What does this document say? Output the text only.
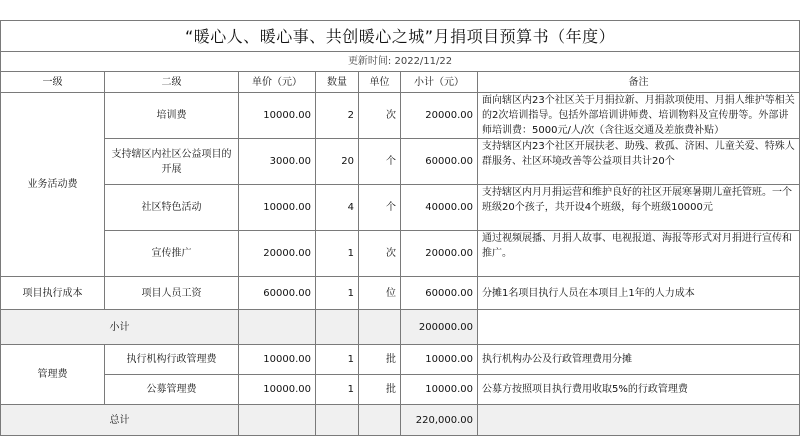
“暖心人、暖心事、共创暖心之城”月捐项目预算书（年度）						
更新时间: 2022/11/22						
一级	二级	单价（元）	数量	单位	小计（元）	备注
业务活动费	培训费	10000.00	2	次	20000.00	面向辖区内23个社区关于月捐拉新、月捐款项使用、月捐人维护等相关的2次培训指导。包括外部培训讲师费、培训物料及宣传册等。外部讲师培训费：5000元/人/次（含往返交通及差旅费补贴）
	支持辖区内社区公益项目的开展	3000.00	20	个	60000.00	支持辖区内23个社区开展扶老、助残、救孤、济困、儿童关爱、特殊人群服务、社区环境改善等公益项目共计20个
	社区特色活动	10000.00	4	个	40000.00	支持辖区内月月捐运营和维护良好的社区开展寒暑期儿童托管班。一个班级20个孩子，共开设4个班级，每个班级10000元
	宣传推广	20000.00	1	次	20000.00	通过视频展播、月捐人故事、电视报道、海报等形式对月捐进行宣传和推广。
项目执行成本	项目人员工资	60000.00	1	位	60000.00	分摊1名项目执行人员在本项目上1年的人力成本
小计					200000.00	
管理费	执行机构行政管理费	10000.00	1	批	10000.00	执行机构办公及行政管理费用分摊
	公募管理费	10000.00	1	批	10000.00	公募方按照项目执行费用收取5%的行政管理费
总计					220,000.00	
